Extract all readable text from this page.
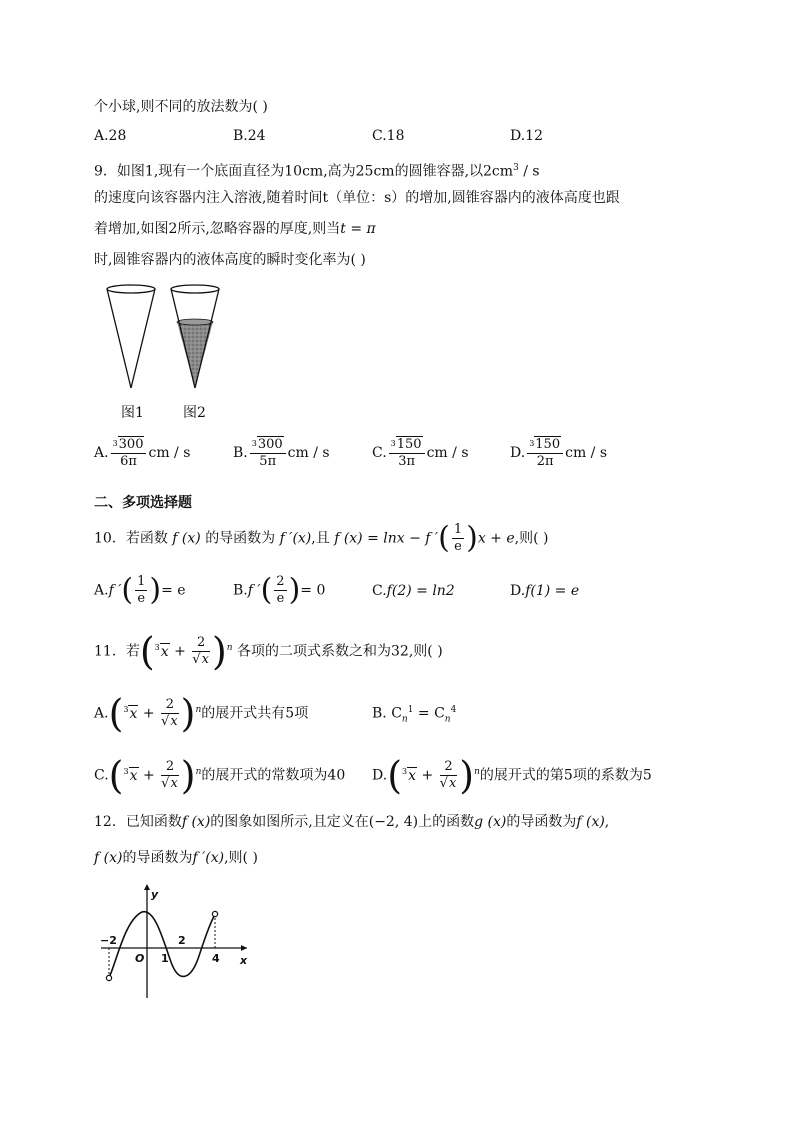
个小球,则不同的放法数为( )
A.28	B.24	C.18	D.12
9．如图1,现有一个底面直径为10cm,高为25cm的圆锥容器,以$2cm^3$ / s
的速度向该容器内注入溶液,随着时间t（单位：s）的增加,圆锥容器内的液体高度也跟
着增加,如图2所示,忽略容器的厚度,则当t = π
时,圆锥容器内的液体高度的瞬时变化率为( )
图1	图2
A. $\frac{^3300}{6\pi}$ cm / s	B. $\frac{^3300}{5\pi}$ cm / s	C. $\frac{^3150}{3\pi}$ cm / s	D. $\frac{^3150}{2\pi}$ cm / s
二、多项选择题
10．若函数 f (x) 的导函数为 f ′(x),且 f (x) = lnx − f ′( $\frac{1}{e} )x + e$,则( )
A.f ′( $\frac{1}{e}$ )= e	B.f ′( $\frac{2}{e}$ )= 0	C.f(2) = ln2	D.f(1) = e
11．若$(^3x + \frac{2}{√x} )^n$ 各项的二项式系数之和为32,则( )
$A.(^3x + \frac{2}{√x} )^n$的展开式共有5项	B. $C_n^1 = C_n^4$
$C.(^3x + \frac{2}{√x} )^n$的展开式的常数项为40 $D.(^3x + \frac{2}{√x} )^n$的展开式的第5项的系数为5
12．已知函数f (x)的图象如图所示,且定义在(−2, 4)上的函数g (x)的导函数为f (x),
f (x)的导函数为f ′(x),则( )
y
x
O
−2
1
2
4
